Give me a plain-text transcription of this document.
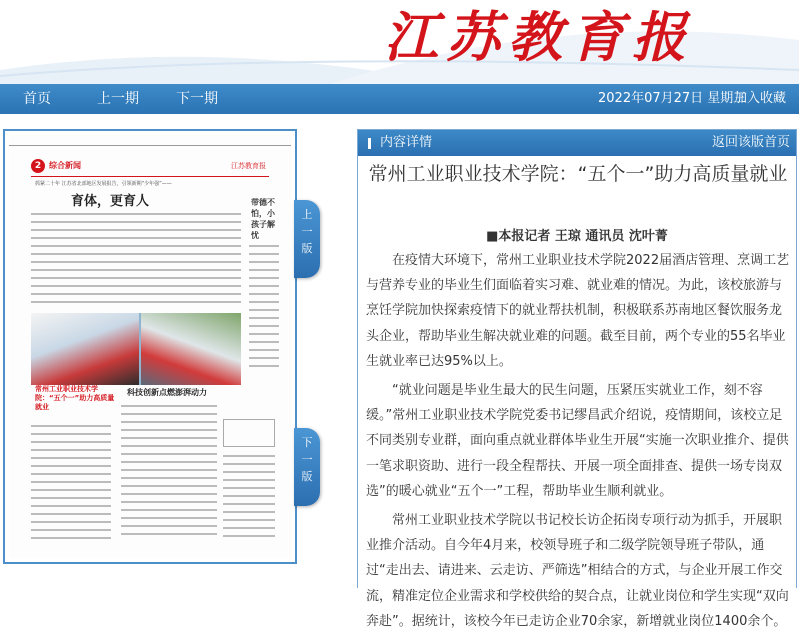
江苏教育报
首页	上一期	下一期	2022年07月27日 星期三
加入收藏
2 综合新闻	江苏教育报
抓紧二十年 江苏省北部地区发展报告，引领新期“少年强”——
育体，更育人	带德不怕，小孩子解忧
常州工业职业技术学院：“五个一”助力高质量就业
科技创新点燃澎湃动力
上
一
版
下
一
版
内容详情	返回该版首页
常州工业职业技术学院：“五个一”助力高质量就业
■本报记者 王琼 通讯员 沈叶菁

在疫情大环境下，常州工业职业技术学院2022届酒店管理、烹调工艺与营养专业的毕业生们面临着实习难、就业难的情况。为此，该校旅游与烹饪学院加快探索疫情下的就业帮扶机制，积极联系苏南地区餐饮服务龙头企业，帮助毕业生解决就业难的问题。截至目前，两个专业的55名毕业生就业率已达95%以上。

“就业问题是毕业生最大的民生问题，压紧压实就业工作，刻不容缓。”常州工业职业技术学院党委书记缪昌武介绍说，疫情期间，该校立足不同类别专业群，面向重点就业群体毕业生开展“实施一次职业推介、提供一笔求职资助、进行一段全程帮扶、开展一项全面排查、提供一场专岗双选”的暖心就业“五个一”工程，帮助毕业生顺利就业。

常州工业职业技术学院以书记校长访企拓岗专项行动为抓手，开展职业推介活动。自今年4月来，校领导班子和二级学院领导班子带队，通过“走出去、请进来、云走访、严筛选”相结合的方式，与企业开展工作交流，精准定位企业需求和学校供给的契合点，让就业岗位和学生实现“双向奔赴”。据统计，该校今年已走访企业70余家，新增就业岗位1400余个。
